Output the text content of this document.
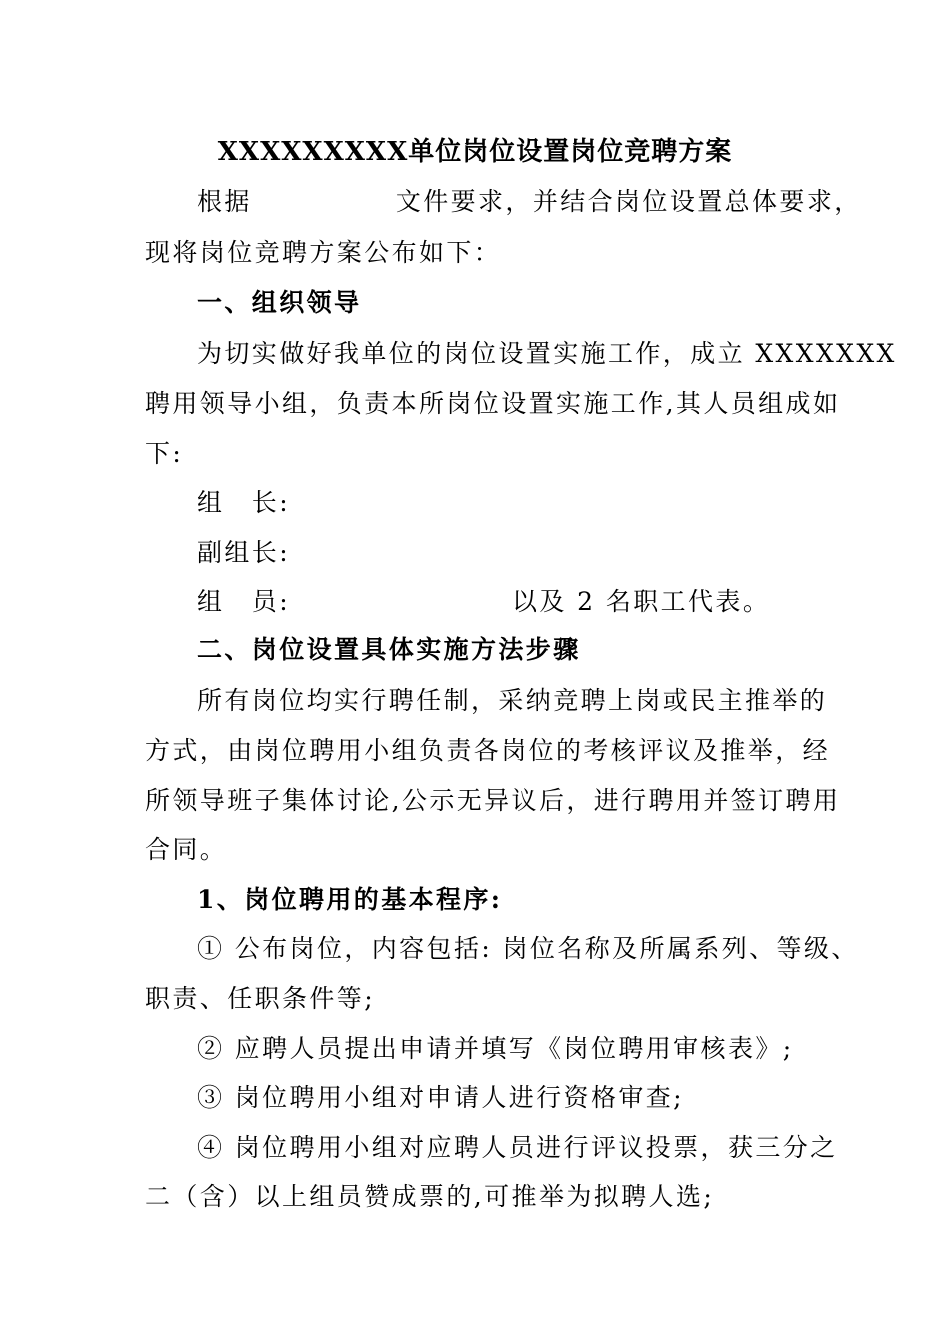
XXXXXXXXX单位岗位设置岗位竞聘方案
根据	文件要求，并结合岗位设置总体要求，
现将岗位竞聘方案公布如下：
一、组织领导
为切实做好我单位的岗位设置实施工作，成立 XXXXXXX
聘用领导小组，负责本所岗位设置实施工作,其人员组成如
下:
组　长:
副组长:
组　员:	以及 2 名职工代表。
二、岗位设置具体实施方法步骤
所有岗位均实行聘任制，采纳竞聘上岗或民主推举的
方式，由岗位聘用小组负责各岗位的考核评议及推举，经
所领导班子集体讨论,公示无异议后，进行聘用并签订聘用
合同。
1、岗位聘用的基本程序:
① 公布岗位，内容包括: 岗位名称及所属系列、等级、
职责、任职条件等;
② 应聘人员提出申请并填写《岗位聘用审核表》;
③ 岗位聘用小组对申请人进行资格审查;
④ 岗位聘用小组对应聘人员进行评议投票，获三分之
二（含）以上组员赞成票的,可推举为拟聘人选;
